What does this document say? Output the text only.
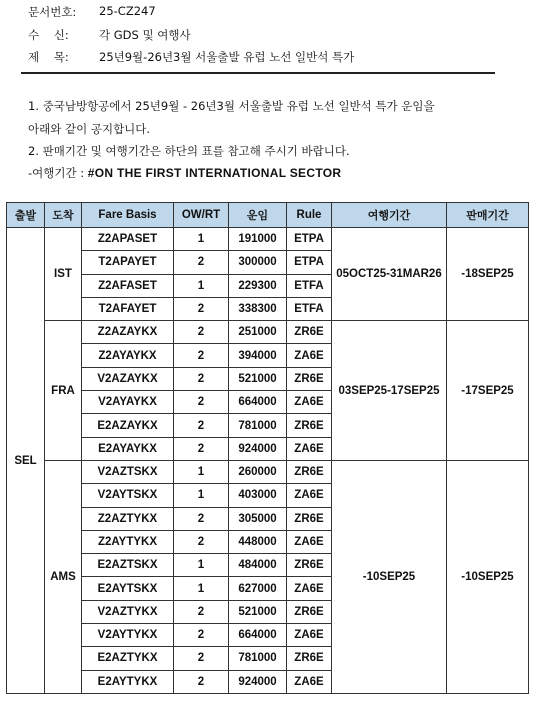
문서번호: 25-CZ247
수    신:	각 GDS 및 여행사
제    목:	25년9월-26년3월 서울출발 유럽 노선 일반석 특가
1. 중국남방항공에서 25년9월 - 26년3월 서울출발 유럽 노선 일반석 특가 운임을
아래와 같이 공지합니다.
2. 판매기간 및 여행기간은 하단의 표를 참고해 주시기 바랍니다.
-여행기간 : #ON THE FIRST INTERNATIONAL SECTOR
출발	도착	Fare Basis	OW/RT	운임	Rule	여행기간	판매기간
SEL	IST	Z2APASET	1	191000	ETPA	05OCT25-31MAR26	-18SEP25
		T2APAYET	2	300000	ETPA		
		Z2AFASET	1	229300	ETFA		
		T2AFAYET	2	338300	ETFA		
	FRA	Z2AZAYKX	2	251000	ZR6E	03SEP25-17SEP25	-17SEP25
		Z2AYAYKX	2	394000	ZA6E		
		V2AZAYKX	2	521000	ZR6E		
		V2AYAYKX	2	664000	ZA6E		
		E2AZAYKX	2	781000	ZR6E		
		E2AYAYKX	2	924000	ZA6E		
	AMS	V2AZTSKX	1	260000	ZR6E	-10SEP25	-10SEP25
		V2AYTSKX	1	403000	ZA6E		
		Z2AZTYKX	2	305000	ZR6E		
		Z2AYTYKX	2	448000	ZA6E		
		E2AZTSKX	1	484000	ZR6E		
		E2AYTSKX	1	627000	ZA6E		
		V2AZTYKX	2	521000	ZR6E		
		V2AYTYKX	2	664000	ZA6E		
		E2AZTYKX	2	781000	ZR6E		
		E2AYTYKX	2	924000	ZA6E		
